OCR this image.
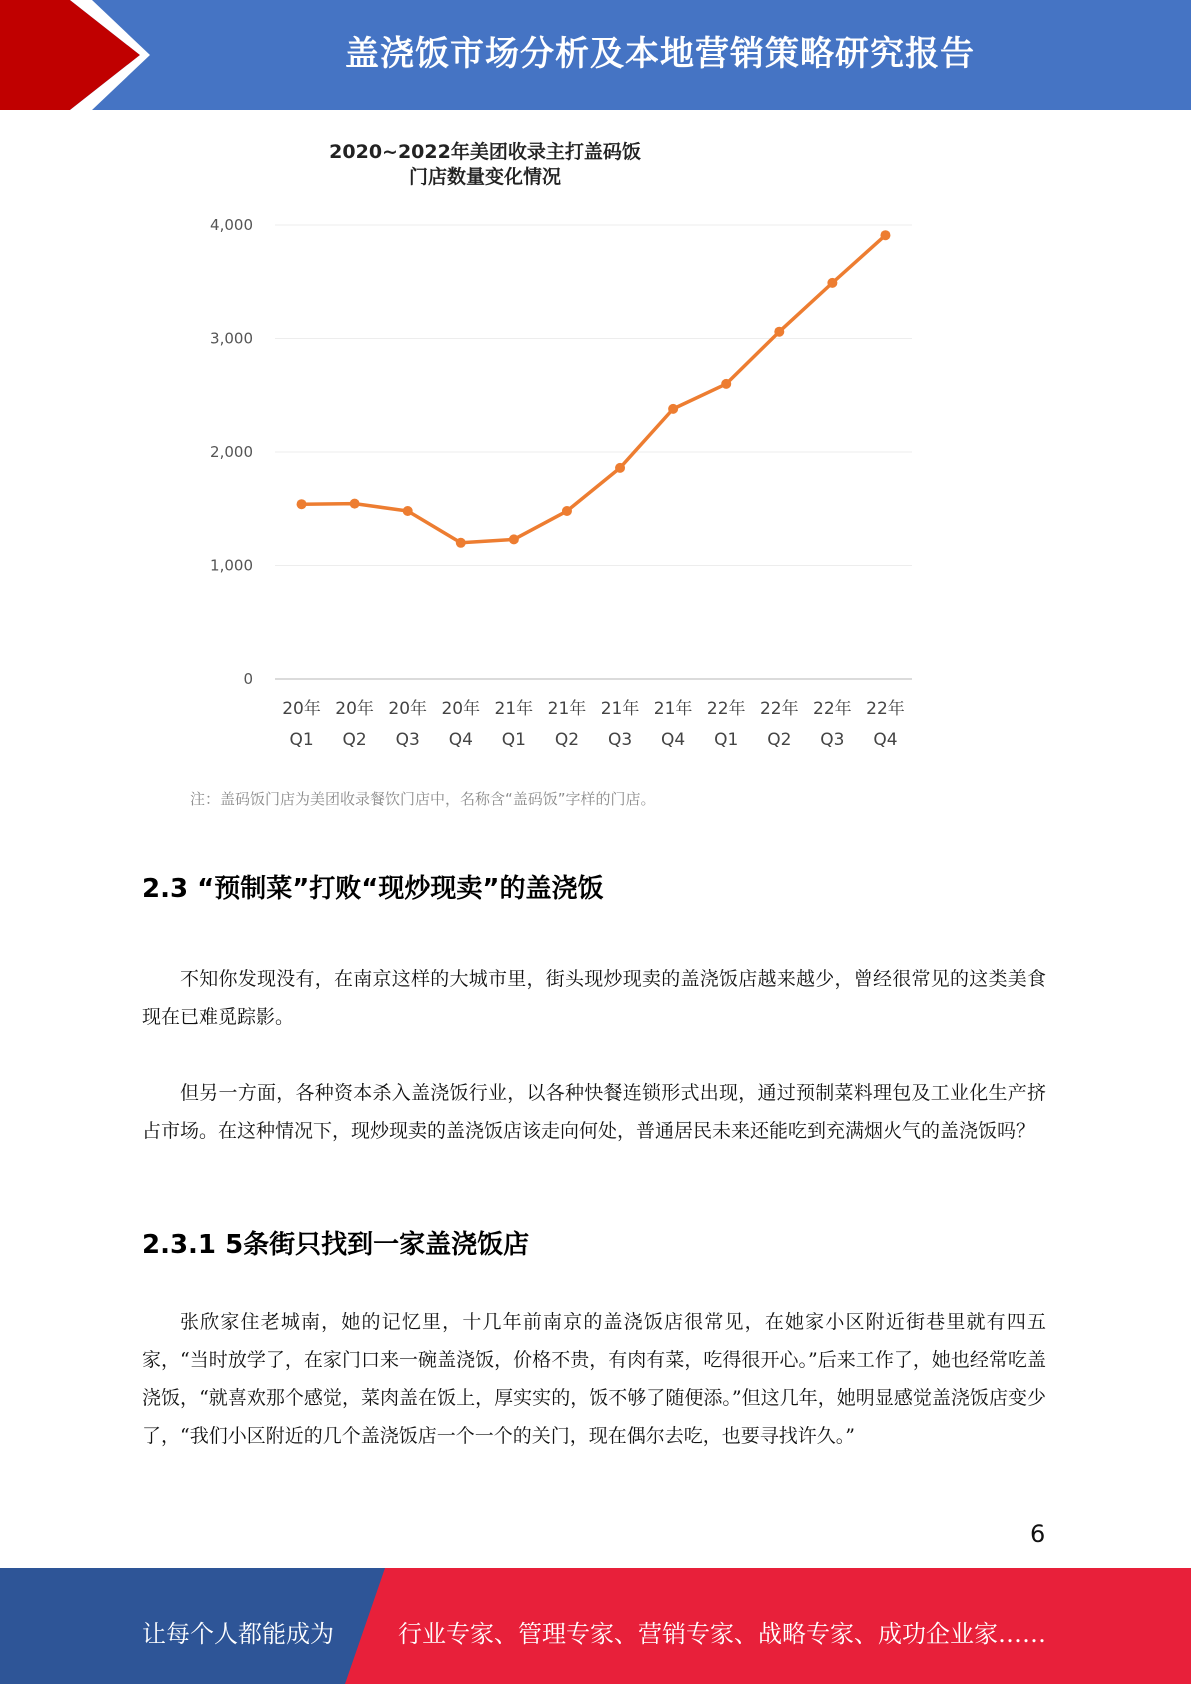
盖浇饭市场分析及本地营销策略研究报告
2020~2022年美团收录主打盖码饭
门店数量变化情况
0
1,000
2,000
3,000
4,000
20年
Q1
20年
Q2
20年
Q3
20年
Q4
21年
Q1
21年
Q2
21年
Q3
21年
Q4
22年
Q1
22年
Q2
22年
Q3
22年
Q4
注：盖码饭门店为美团收录餐饮门店中，名称含“盖码饭”字样的门店。
2.3 “预制菜”打败“现炒现卖”的盖浇饭
不知你发现没有，在南京这样的大城市里，街头现炒现卖的盖浇饭店越来越少，曾经很常见的这类美食现在已难觅踪影。
但另一方面，各种资本杀入盖浇饭行业，以各种快餐连锁形式出现，通过预制菜料理包及工业化生产挤占市场。在这种情况下，现炒现卖的盖浇饭店该走向何处，普通居民未来还能吃到充满烟火气的盖浇饭吗？
2.3.1 5条街只找到一家盖浇饭店
张欣家住老城南，她的记忆里，十几年前南京的盖浇饭店很常见，在她家小区附近街巷里就有四五家，“当时放学了，在家门口来一碗盖浇饭，价格不贵，有肉有菜，吃得很开心。”后来工作了，她也经常吃盖浇饭，“就喜欢那个感觉，菜肉盖在饭上，厚实实的，饭不够了随便添。”但这几年，她明显感觉盖浇饭店变少了，“我们小区附近的几个盖浇饭店一个一个的关门，现在偶尔去吃，也要寻找许久。”
6
让每个人都能成为	行业专家、管理专家、营销专家、战略专家、成功企业家……
